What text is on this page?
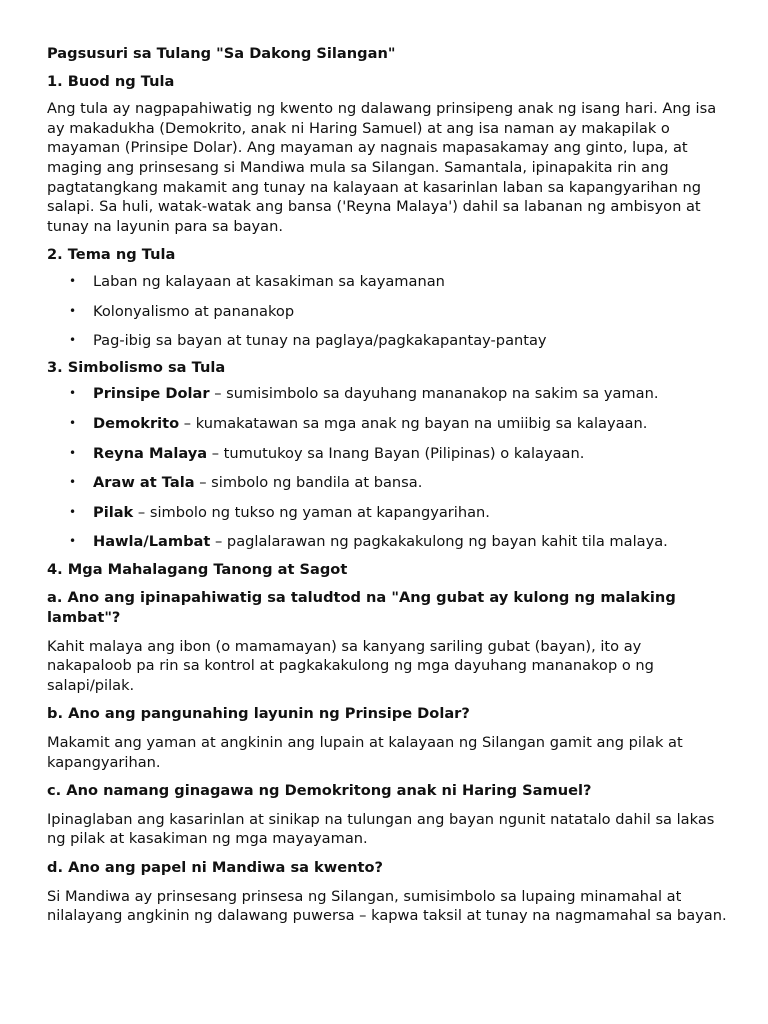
Pagsusuri sa Tulang "Sa Dakong Silangan"

1. Buod ng Tula

Ang tula ay nagpapahiwatig ng kwento ng dalawang prinsipeng anak ng isang hari. Ang isa ay makadukha (Demokrito, anak ni Haring Samuel) at ang isa naman ay makapilak o mayaman (Prinsipe Dolar). Ang mayaman ay nagnais mapasakamay ang ginto, lupa, at maging ang prinsesang si Mandiwa mula sa Silangan. Samantala, ipinapakita rin ang pagtatangkang makamit ang tunay na kalayaan at kasarinlan laban sa kapangyarihan ng salapi. Sa huli, watak-watak ang bansa ('Reyna Malaya') dahil sa labanan ng ambisyon at tunay na layunin para sa bayan.

2. Tema ng Tula

• Laban ng kalayaan at kasakiman sa kayamanan
• Kolonyalismo at pananakop
• Pag-ibig sa bayan at tunay na paglaya/pagkakapantay-pantay

3. Simbolismo sa Tula

• Prinsipe Dolar – sumisimbolo sa dayuhang mananakop na sakim sa yaman.
• Demokrito – kumakatawan sa mga anak ng bayan na umiibig sa kalayaan.
• Reyna Malaya – tumutukoy sa Inang Bayan (Pilipinas) o kalayaan.
• Araw at Tala – simbolo ng bandila at bansa.
• Pilak – simbolo ng tukso ng yaman at kapangyarihan.
• Hawla/Lambat – paglalarawan ng pagkakakulong ng bayan kahit tila malaya.

4. Mga Mahalagang Tanong at Sagot

a. Ano ang ipinapahiwatig sa taludtod na "Ang gubat ay kulong ng malaking lambat"?

Kahit malaya ang ibon (o mamamayan) sa kanyang sariling gubat (bayan), ito ay nakapaloob pa rin sa kontrol at pagkakakulong ng mga dayuhang mananakop o ng salapi/pilak.

b. Ano ang pangunahing layunin ng Prinsipe Dolar?

Makamit ang yaman at angkinin ang lupain at kalayaan ng Silangan gamit ang pilak at kapangyarihan.

c. Ano namang ginagawa ng Demokritong anak ni Haring Samuel?

Ipinaglaban ang kasarinlan at sinikap na tulungan ang bayan ngunit natatalo dahil sa lakas ng pilak at kasakiman ng mga mayayaman.

d. Ano ang papel ni Mandiwa sa kwento?

Si Mandiwa ay prinsesang prinsesa ng Silangan, sumisimbolo sa lupaing minamahal at nilalayang angkinin ng dalawang puwersa – kapwa taksil at tunay na nagmamahal sa bayan.
